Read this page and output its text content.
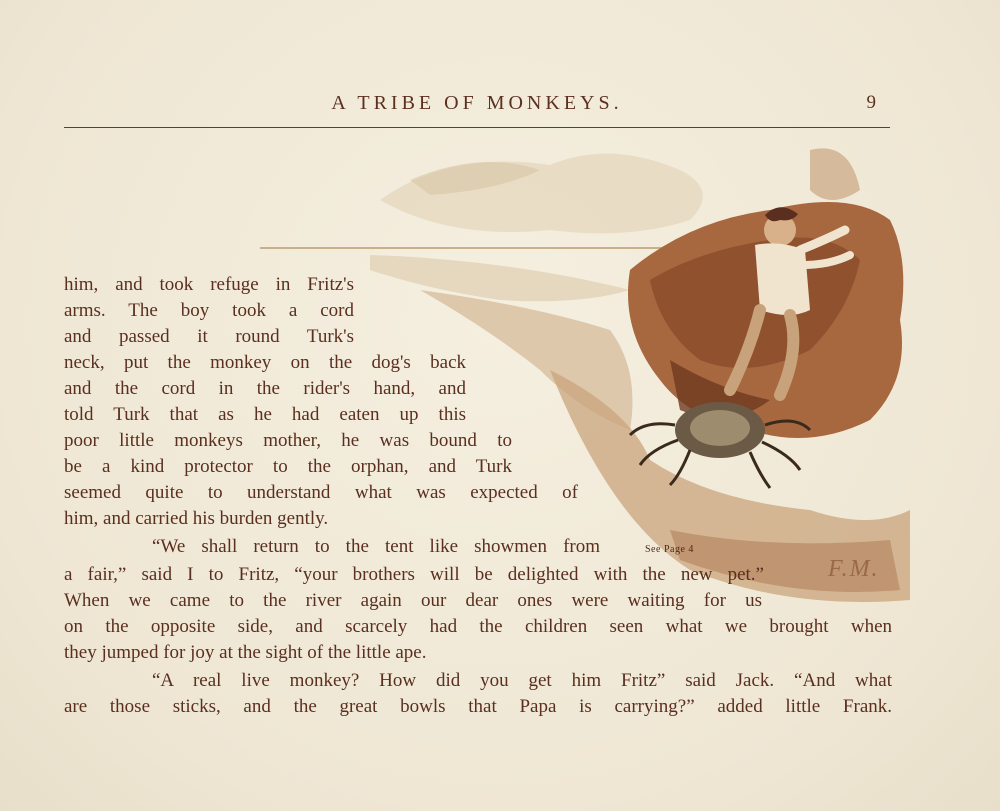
A TRIBE OF MONKEYS.	9
See Page 4
F.M.
him, and took refuge in Fritz's
arms. The boy took a cord
and passed it round Turk's
neck, put the monkey on the dog's back
and the cord in the rider's hand, and
told Turk that as he had eaten up this
poor little monkeys mother, he was bound to
be a kind protector to the orphan, and Turk
seemed quite to understand what was expected of
him, and carried his burden gently.
“We shall return to the tent like showmen from
a fair,” said I to Fritz, “your brothers will be delighted with the new pet.”
When we came to the river again our dear ones were waiting for us
on the opposite side, and scarcely had the children seen what we brought when
they jumped for joy at the sight of the little ape.
“A real live monkey? How did you get him Fritz” said Jack. “And what
are those sticks, and the great bowls that Papa is carrying?” added little Frank.
